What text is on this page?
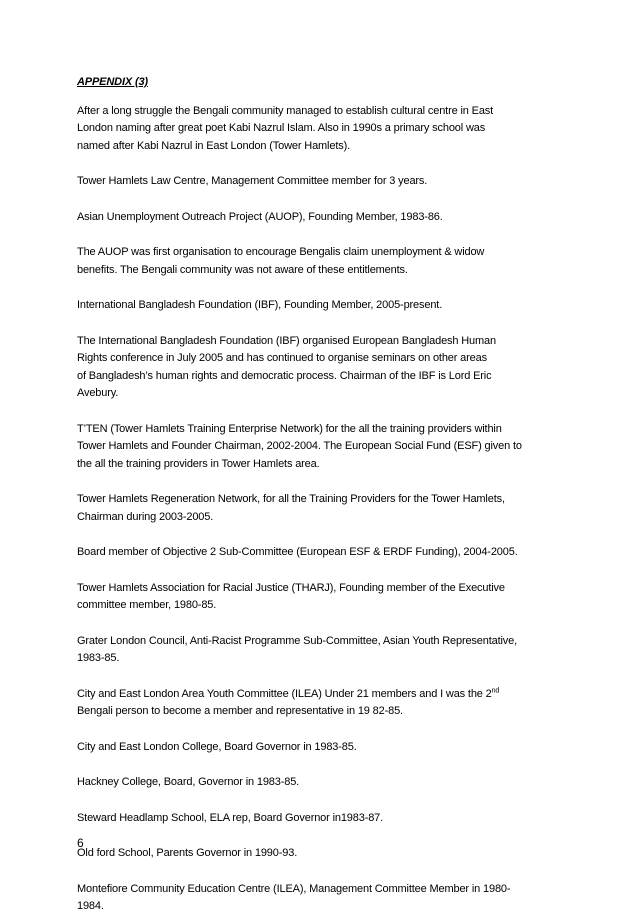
APPENDIX (3)
After a long struggle the Bengali community managed to establish cultural centre in East
London naming after great poet Kabi Nazrul Islam. Also in 1990s a primary school was
named after Kabi Nazrul in East London (Tower Hamlets).
Tower Hamlets Law Centre, Management Committee member for 3 years.
Asian Unemployment Outreach Project (AUOP), Founding Member, 1983-86.
The AUOP was first organisation to encourage Bengalis claim unemployment & widow
benefits. The Bengali community was not aware of these entitlements.
International Bangladesh Foundation (IBF), Founding Member, 2005-present.
The International Bangladesh Foundation (IBF) organised European Bangladesh Human
Rights conference in July 2005 and has continued to organise seminars on other areas
of Bangladesh’s human rights and democratic process. Chairman of the IBF is Lord Eric
Avebury.
T’TEN (Tower Hamlets Training Enterprise Network) for the all the training providers within
Tower Hamlets and Founder Chairman, 2002-2004. The European Social Fund (ESF) given to
the all the training providers in Tower Hamlets area.
Tower Hamlets Regeneration Network, for all the Training Providers for the Tower Hamlets,
Chairman during 2003-2005.
Board member of Objective 2 Sub-Committee (European ESF & ERDF Funding), 2004-2005.
Tower Hamlets Association for Racial Justice (THARJ), Founding member of the Executive
committee member, 1980-85.
Grater London Council, Anti-Racist Programme Sub-Committee, Asian Youth Representative,
1983-85.
City and East London Area Youth Committee (ILEA) Under 21 members and I was the 2nd
Bengali person to become a member and representative in 19 82-85.
City and East London College, Board Governor in 1983-85.
Hackney College, Board, Governor in 1983-85.
Steward Headlamp School, ELA rep, Board Governor in1983-87.
Old ford School, Parents Governor in 1990-93.
Montefiore Community Education Centre (ILEA), Management Committee Member in 1980-
1984.
6
